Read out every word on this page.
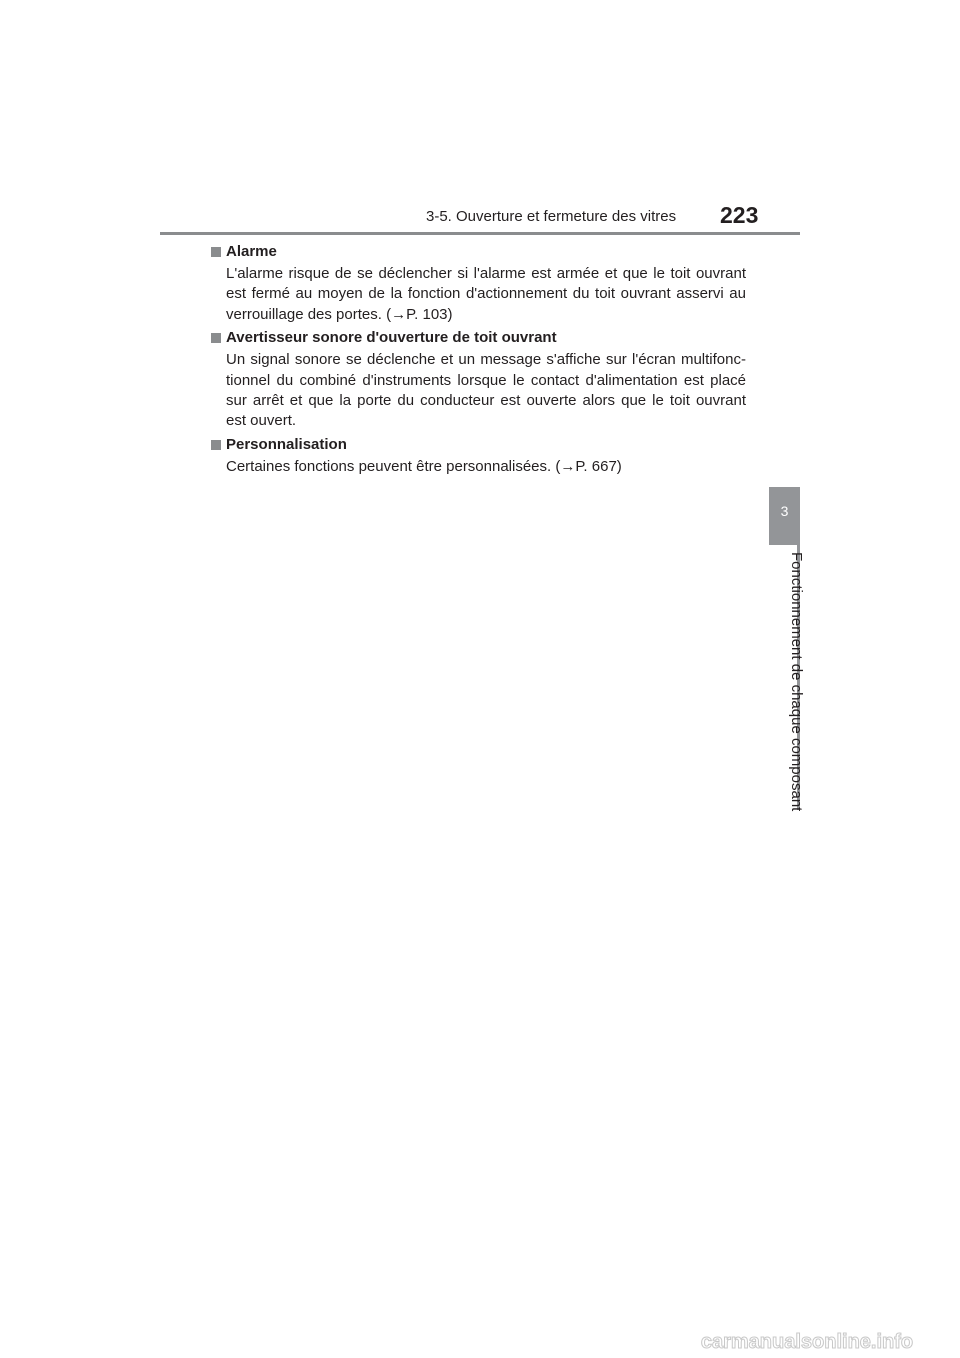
3-5. Ouverture et fermeture des vitres 223
3
Fonctionnement de chaque composant
Alarme
L'alarme risque de se déclencher si l'alarme est armée et que le toit ouvrant
est fermé au moyen de la fonction d'actionnement du toit ouvrant asservi au
verrouillage des portes. (→P. 103)
Avertisseur sonore d'ouverture de toit ouvrant
Un signal sonore se déclenche et un message s'affiche sur l'écran multifonc-
tionnel du combiné d'instruments lorsque le contact d'alimentation est placé
sur arrêt et que la porte du conducteur est ouverte alors que le toit ouvrant
est ouvert.
Personnalisation
Certaines fonctions peuvent être personnalisées. (→P. 667)
carmanualsonline.info
